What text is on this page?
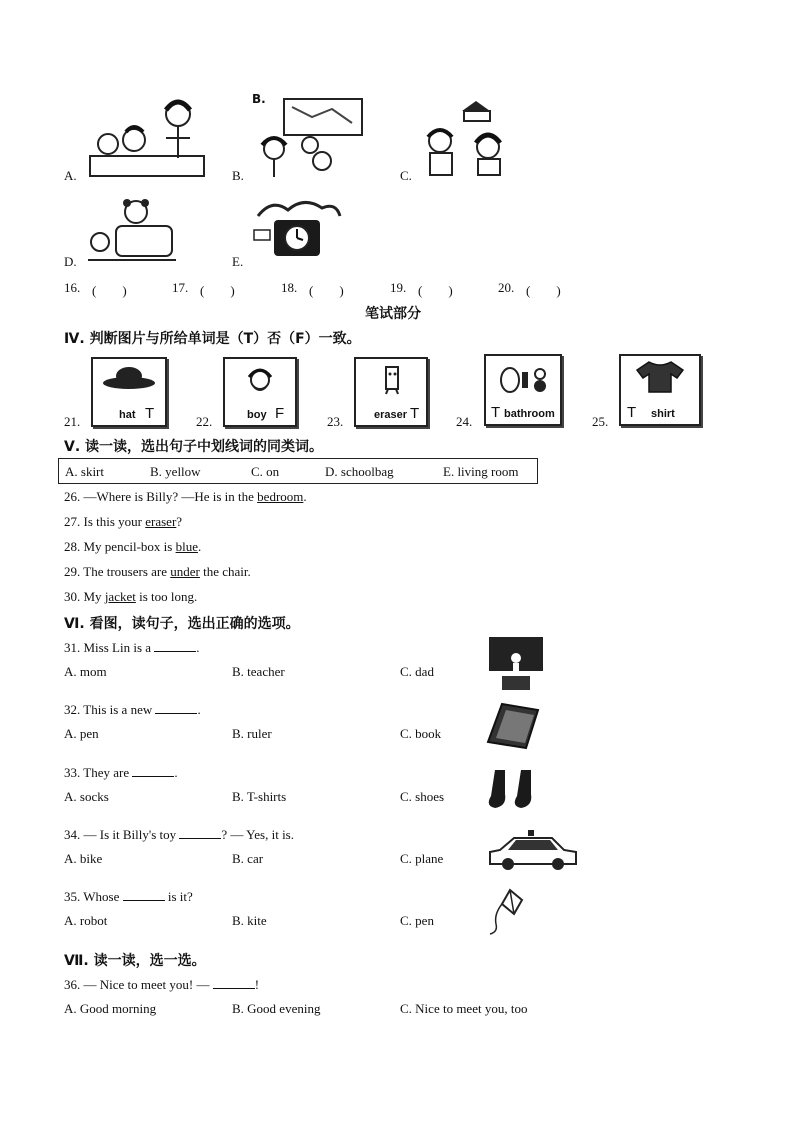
A.
B.
B.	C.
D.	E.
16. (　　)	17. (　　)	18. (　　)	19. (　　)	20. (　　)
笔试部分
Ⅳ. 判断图片与所给单词是（T）否（F）一致。
21.	hat T	22.	boy F	23.	eraser T	24.
T bathroom	25.
T shirt
Ⅴ. 读一读，选出句子中划线词的同类词。
A. skirt	B. yellow	C. on	D. schoolbag	E. living room
26. —Where is Billy? —He is in the bedroom.
27. Is this your eraser?
28. My pencil-box is blue.
29. The trousers are under the chair.
30. My jacket is too long.
Ⅵ. 看图，读句子，选出正确的选项。
31. Miss Lin is a	.
A. mom	B. teacher	C. dad
32. This is a new	.
A. pen	B. ruler	C. book
33. They are	.
A. socks	B. T-shirts	C. shoes
34. — Is it Billy's toy	? — Yes, it is.
A. bike	B. car	C. plane
35. Whose	is it?
A. robot	B. kite	C. pen
Ⅶ. 读一读，选一选。
36. — Nice to meet you! —	!
A. Good morning	B. Good evening	C. Nice to meet you, too
